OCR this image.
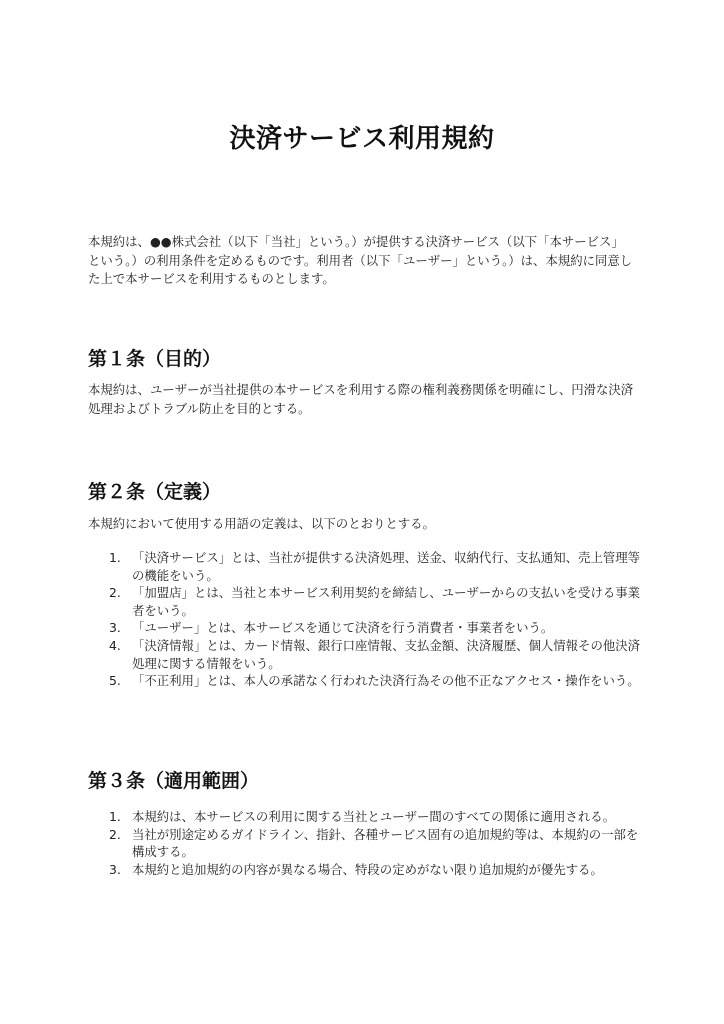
決済サービス利用規約
本規約は、●●株式会社（以下「当社」という。）が提供する決済サービス（以下「本サービス」という。）の利用条件を定めるものです。利用者（以下「ユーザー」という。）は、本規約に同意した上で本サービスを利用するものとします。
第１条（目的）
本規約は、ユーザーが当社提供の本サービスを利用する際の権利義務関係を明確にし、円滑な決済処理およびトラブル防止を目的とする。
第２条（定義）
本規約において使用する用語の定義は、以下のとおりとする。
1. 「決済サービス」とは、当社が提供する決済処理、送金、収納代行、支払通知、売上管理等の機能をいう。
2. 「加盟店」とは、当社と本サービス利用契約を締結し、ユーザーからの支払いを受ける事業者をいう。
3. 「ユーザー」とは、本サービスを通じて決済を行う消費者・事業者をいう。
4. 「決済情報」とは、カード情報、銀行口座情報、支払金額、決済履歴、個人情報その他決済処理に関する情報をいう。
5. 「不正利用」とは、本人の承諾なく行われた決済行為その他不正なアクセス・操作をいう。
第３条（適用範囲）
1. 本規約は、本サービスの利用に関する当社とユーザー間のすべての関係に適用される。
2. 当社が別途定めるガイドライン、指針、各種サービス固有の追加規約等は、本規約の一部を構成する。
3. 本規約と追加規約の内容が異なる場合、特段の定めがない限り追加規約が優先する。
